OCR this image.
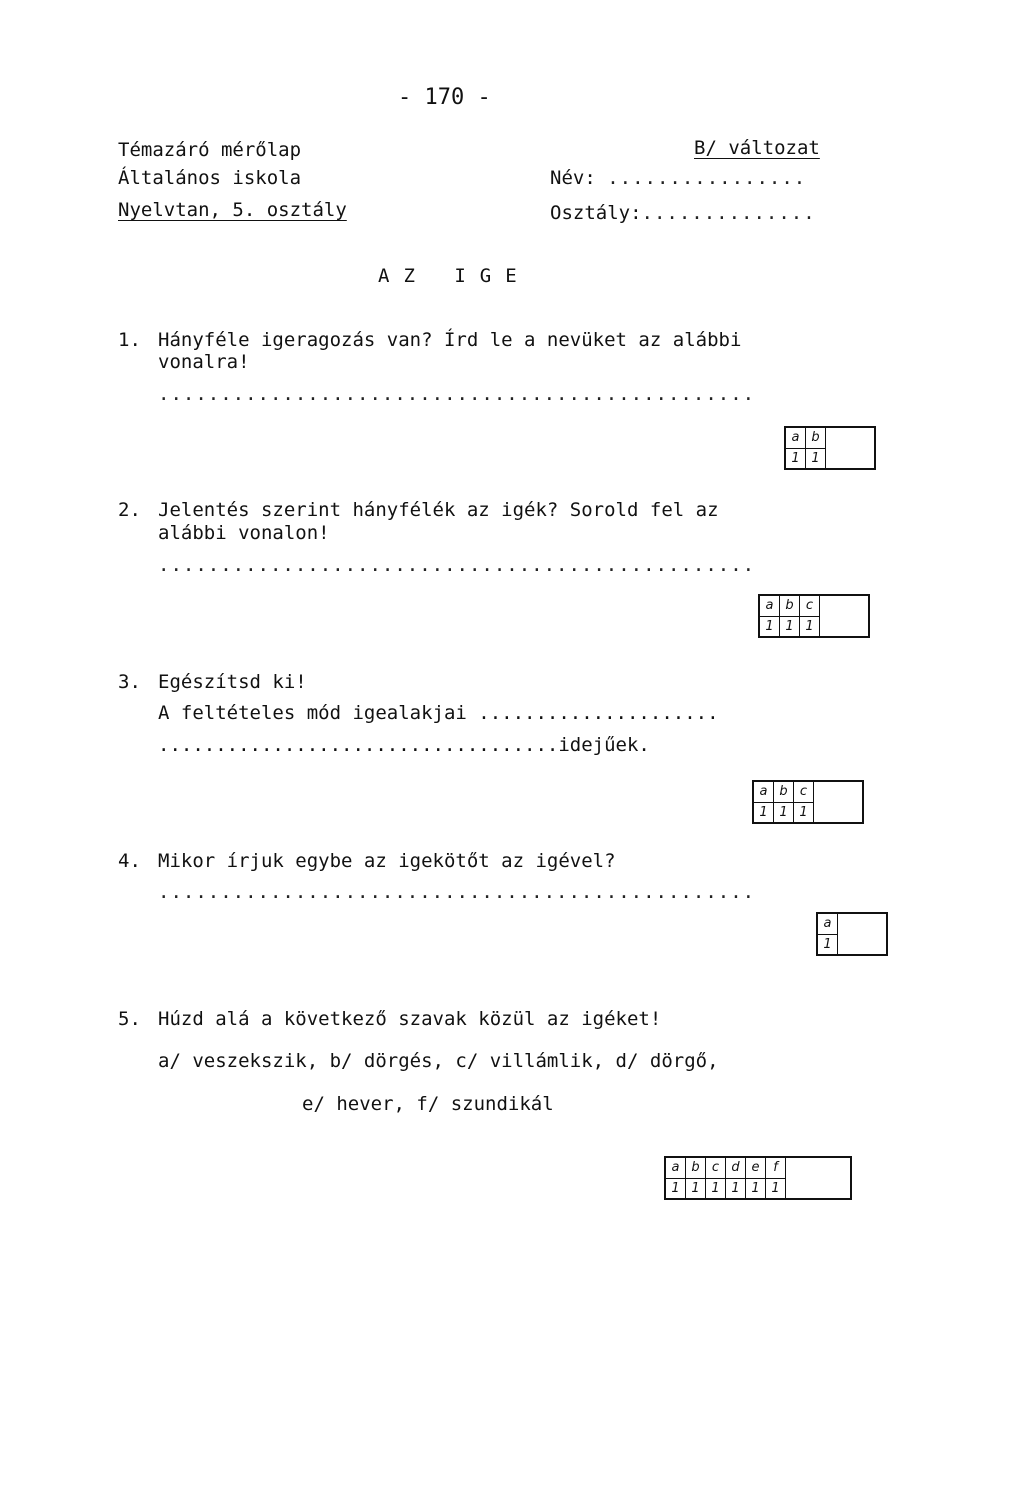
- 170 -
Témazáró mérőlap
Általános iskola
Nyelvtan, 5. osztály
B/ változat
Név: ................
Osztály:..............
AZ IGE
1. Hányféle igeragozás van? Írd le a nevüket az alábbi
vonalra!
................................................
a
1
b
1
2. Jelentés szerint hányfélék az igék? Sorold fel az
alábbi vonalon!
................................................
a
1
b
1
c
1
3. Egészítsd ki!
A feltételes mód igealakjai .....................
...................................idejűek.
a
1
b
1
c
1
4. Mikor írjuk egybe az igekötőt az igével?
................................................
a
1
5. Húzd alá a következő szavak közül az igéket!
a/ veszekszik, b/ dörgés, c/ villámlik, d/ dörgő,
e/ hever, f/ szundikál
a
1
b
1
c
1
d
1
e
1
f
1
